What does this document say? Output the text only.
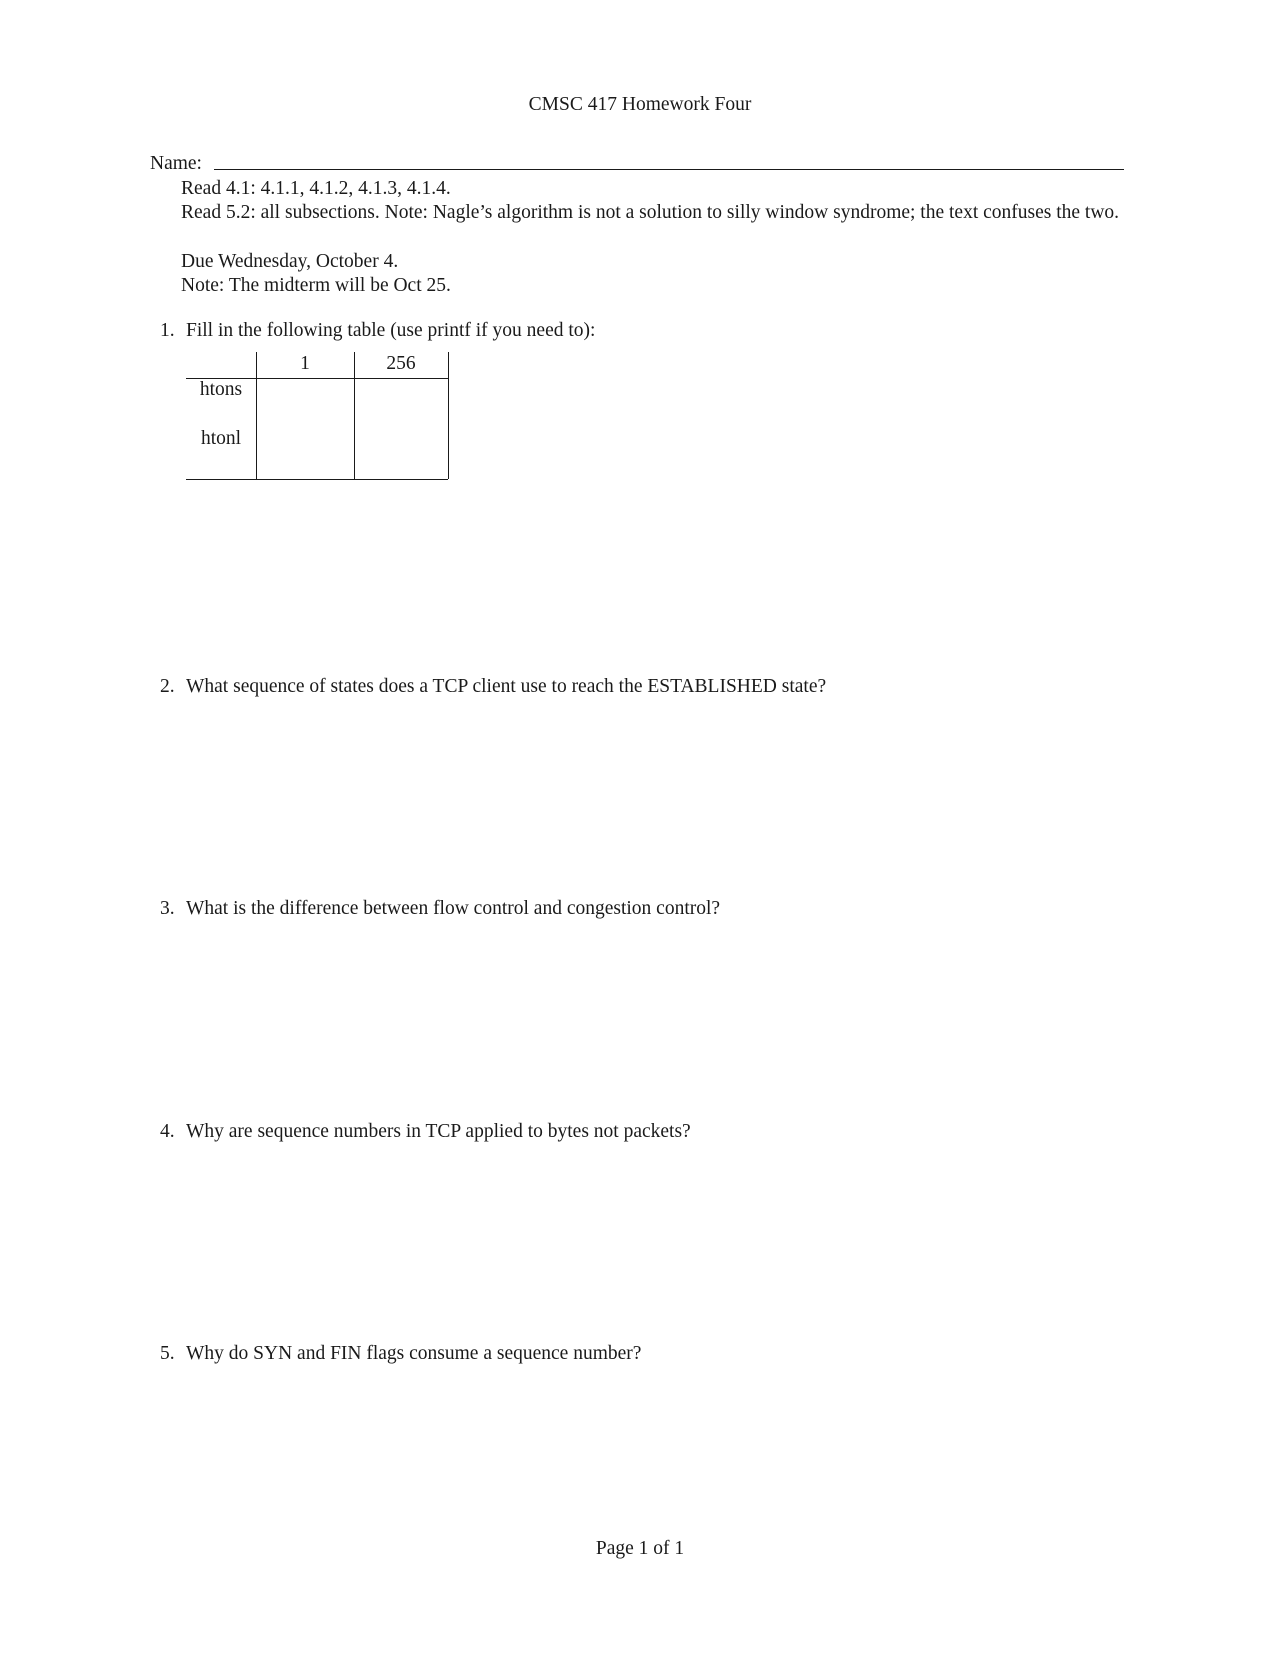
CMSC 417 Homework Four
Name:
Read 4.1: 4.1.1, 4.1.2, 4.1.3, 4.1.4.
Read 5.2: all subsections. Note: Nagle’s algorithm is not a solution to silly window syndrome; the text confuses the two.
Due Wednesday, October 4.
Note: The midterm will be Oct 25.
1. Fill in the following table (use printf if you need to):
1	256
htons
htonl
2. What sequence of states does a TCP client use to reach the ESTABLISHED state?
3. What is the difference between flow control and congestion control?
4. Why are sequence numbers in TCP applied to bytes not packets?
5. Why do SYN and FIN flags consume a sequence number?
Page 1 of 1
